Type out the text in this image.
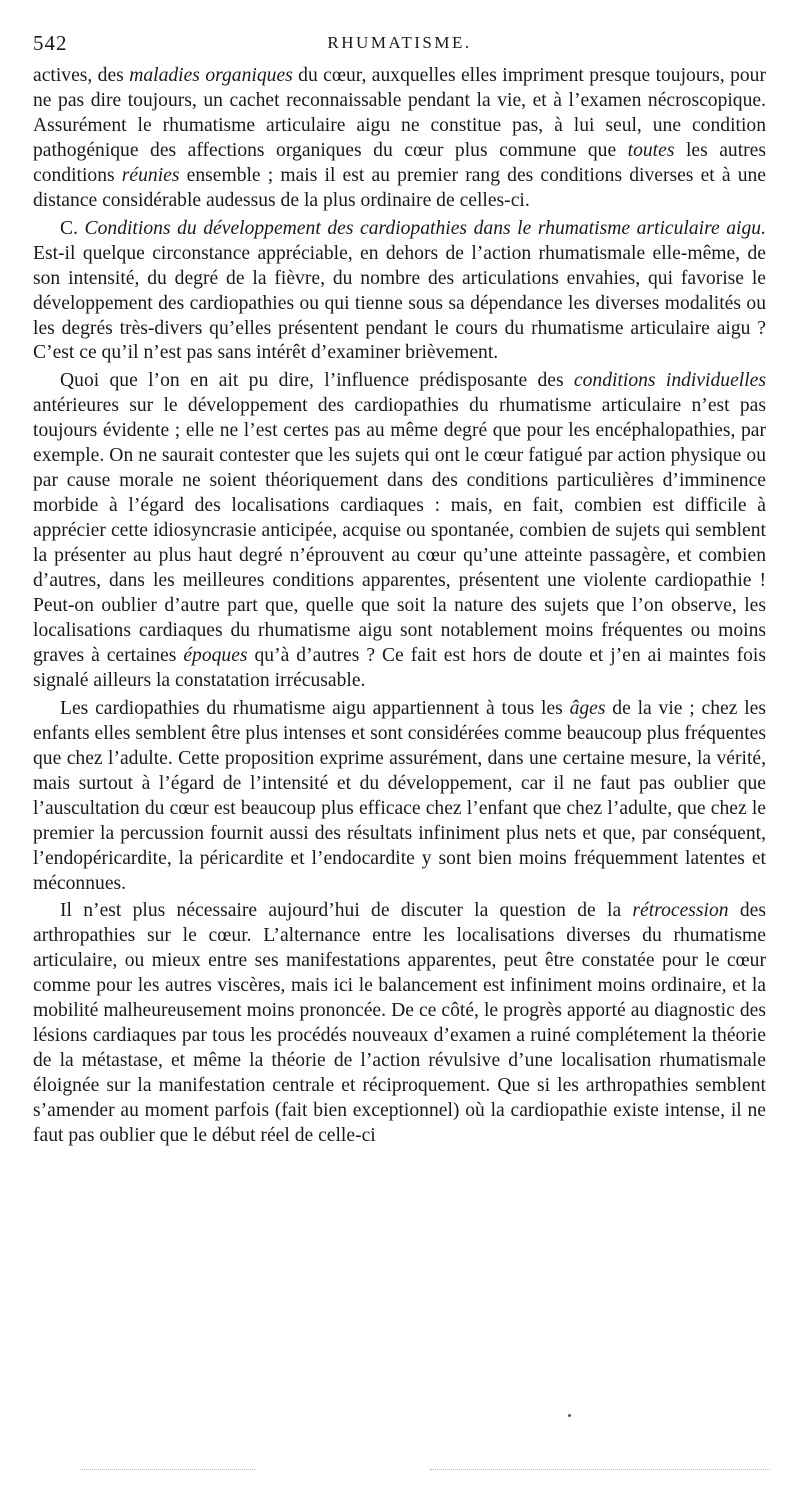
542	RHUMATISME.

actives, des maladies organiques du cœur, auxquelles elles impriment presque toujours, pour ne pas dire toujours, un cachet reconnaissable pendant la vie, et à l’examen nécroscopique. Assurément le rhumatisme articulaire aigu ne constitue pas, à lui seul, une condition pathogénique des affections organiques du cœur plus commune que toutes les autres conditions réunies ensemble ; mais il est au premier rang des conditions diverses et à une distance considérable audessus de la plus ordinaire de celles-ci.

C. Conditions du développement des cardiopathies dans le rhumatisme articulaire aigu. Est-il quelque circonstance appréciable, en dehors de l’action rhumatismale elle-même, de son intensité, du degré de la fièvre, du nombre des articulations envahies, qui favorise le développement des cardiopathies ou qui tienne sous sa dépendance les diverses modalités ou les degrés très-divers qu’elles présentent pendant le cours du rhumatisme articulaire aigu ? C’est ce qu’il n’est pas sans intérêt d’examiner brièvement.

Quoi que l’on en ait pu dire, l’influence prédisposante des conditions individuelles antérieures sur le développement des cardiopathies du rhumatisme articulaire n’est pas toujours évidente ; elle ne l’est certes pas au même degré que pour les encéphalopathies, par exemple. On ne saurait contester que les sujets qui ont le cœur fatigué par action physique ou par cause morale ne soient théoriquement dans des conditions particulières d’imminence morbide à l’égard des localisations cardiaques : mais, en fait, combien est difficile à apprécier cette idiosyncrasie anticipée, acquise ou spontanée, combien de sujets qui semblent la présenter au plus haut degré n’éprouvent au cœur qu’une atteinte passagère, et combien d’autres, dans les meilleures conditions apparentes, présentent une violente cardiopathie ! Peut-on oublier d’autre part que, quelle que soit la nature des sujets que l’on observe, les localisations cardiaques du rhumatisme aigu sont notablement moins fréquentes ou moins graves à certaines époques qu’à d’autres ? Ce fait est hors de doute et j’en ai maintes fois signalé ailleurs la constatation irrécusable.

Les cardiopathies du rhumatisme aigu appartiennent à tous les âges de la vie ; chez les enfants elles semblent être plus intenses et sont considérées comme beaucoup plus fréquentes que chez l’adulte. Cette proposition exprime assurément, dans une certaine mesure, la vérité, mais surtout à l’égard de l’intensité et du développement, car il ne faut pas oublier que l’auscultation du cœur est beaucoup plus efficace chez l’enfant que chez l’adulte, que chez le premier la percussion fournit aussi des résultats infiniment plus nets et que, par conséquent, l’endopéricardite, la péricardite et l’endocardite y sont bien moins fréquemment latentes et méconnues.

Il n’est plus nécessaire aujourd’hui de discuter la question de la rétrocession des arthropathies sur le cœur. L’alternance entre les localisations diverses du rhumatisme articulaire, ou mieux entre ses manifestations apparentes, peut être constatée pour le cœur comme pour les autres viscères, mais ici le balancement est infiniment moins ordinaire, et la mobilité malheureusement moins prononcée. De ce côté, le progrès apporté au diagnostic des lésions cardiaques par tous les procédés nouveaux d’examen a ruiné complétement la théorie de la métastase, et même la théorie de l’action révulsive d’une localisation rhumatismale éloignée sur la manifestation centrale et réciproquement. Que si les arthropathies semblent s’amender au moment parfois (fait bien exceptionnel) où la cardiopathie existe intense, il ne faut pas oublier que le début réel de celle-ci
